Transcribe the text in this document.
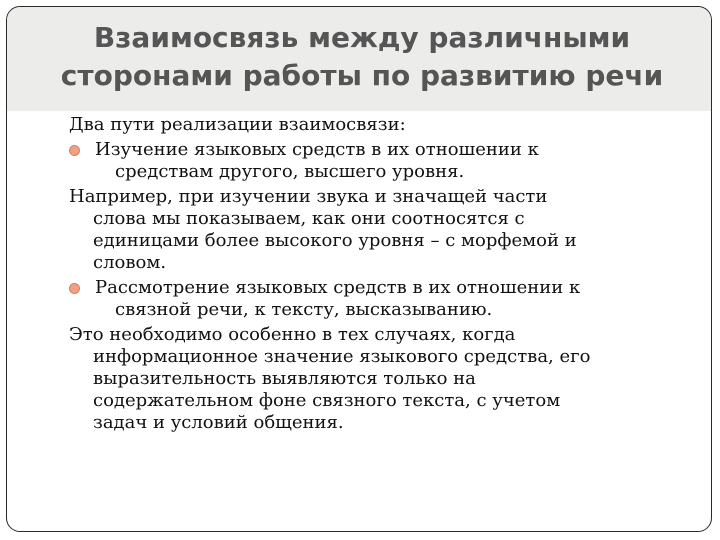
Взаимосвязь между различными
сторонами работы по развитию речи
Два пути реализации взаимосвязи:
Изучение языковых средств в их отношении к
средствам другого, высшего уровня.
Например, при изучении звука и значащей части
слова мы показываем, как они соотносятся с
единицами более высокого уровня – с морфемой и
словом.
Рассмотрение языковых средств в их отношении к
связной речи, к тексту, высказыванию.
Это необходимо особенно в тех случаях, когда
информационное значение языкового средства, его
выразительность выявляются только на
содержательном фоне связного текста, с учетом
задач и условий общения.
